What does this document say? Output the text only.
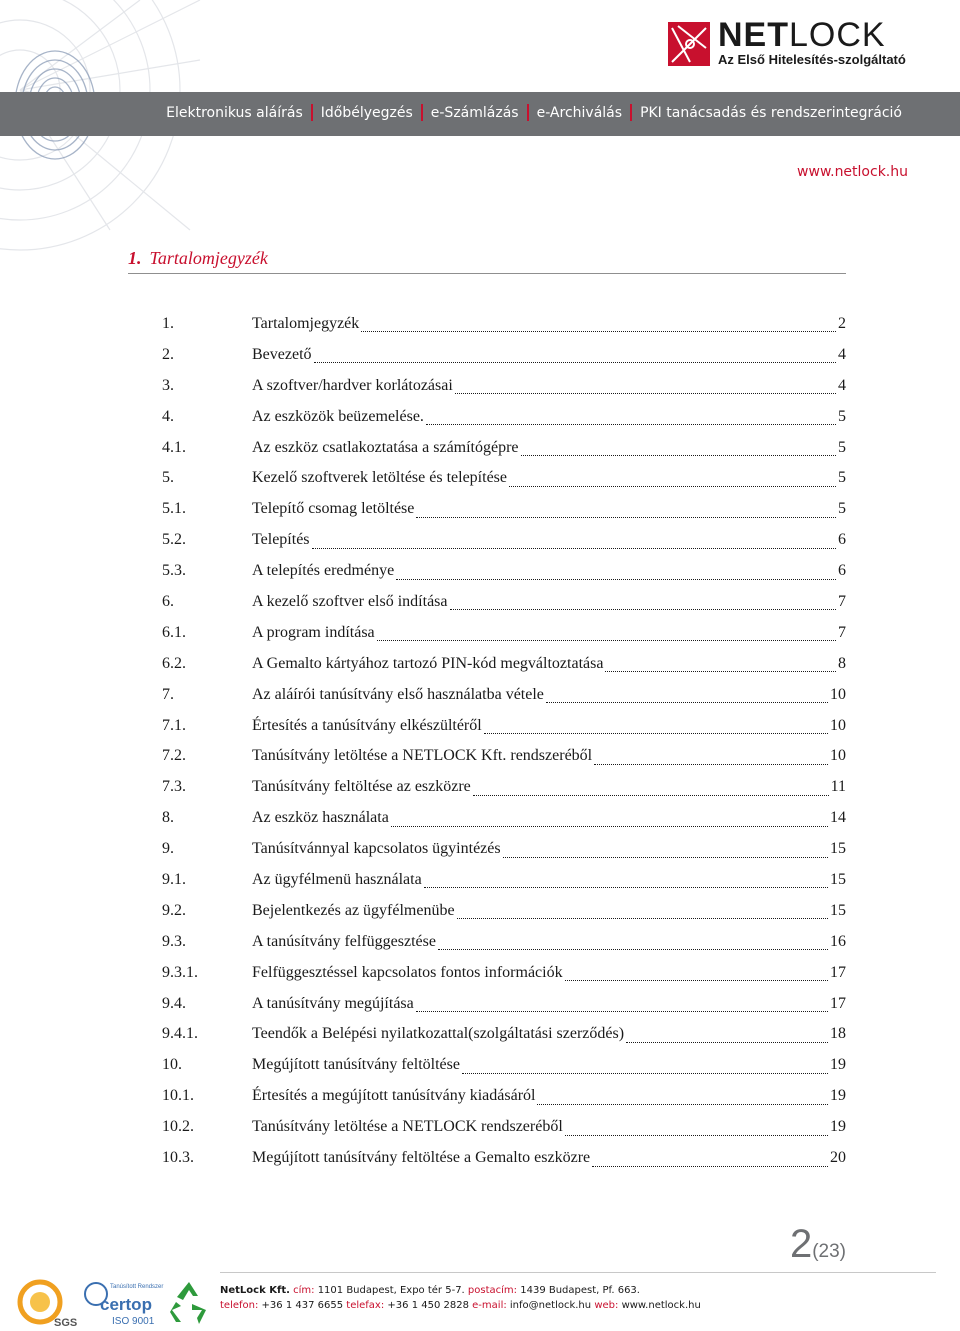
NETLOCK
Az Első Hitelesítés-szolgáltató
Elektronikus aláírás	Időbélyegzés	e-Számlázás	e-Archiválás	PKI tanácsadás és rendszerintegráció
www.netlock.hu
1. Tartalomjegyzék
1.	Tartalomjegyzék	2
2.	Bevezető	4
3.	A szoftver/hardver korlátozásai	4
4.	Az eszközök beüzemelése.	5
4.1.	Az eszköz csatlakoztatása a számítógépre	5
5.	Kezelő szoftverek letöltése és telepítése	5
5.1.	Telepítő csomag letöltése	5
5.2.	Telepítés	6
5.3.	A telepítés eredménye	6
6.	A kezelő szoftver első indítása	7
6.1.	A program indítása	7
6.2.	A Gemalto kártyához tartozó PIN-kód megváltoztatása	8
7.	Az aláírói tanúsítvány első használatba vétele	10
7.1.	Értesítés a tanúsítvány elkészültéről	10
7.2.	Tanúsítvány letöltése a NETLOCK Kft. rendszeréből	10
7.3.	Tanúsítvány feltöltése az eszközre	11
8.	Az eszköz használata	14
9.	Tanúsítvánnyal kapcsolatos ügyintézés	15
9.1.	Az ügyfélmenü használata	15
9.2.	Bejelentkezés az ügyfélmenübe	15
9.3.	A tanúsítvány felfüggesztése	16
9.3.1.	Felfüggesztéssel kapcsolatos fontos információk	17
9.4.	A tanúsítvány megújítása	17
9.4.1.	Teendők a Belépési nyilatkozattal(szolgáltatási szerződés)	18
10.	Megújított tanúsítvány feltöltése	19
10.1.	Értesítés a megújított tanúsítvány kiadásáról	19
10.2.	Tanúsítvány letöltése a NETLOCK rendszeréből	19
10.3.	Megújított tanúsítvány feltöltése a Gemalto eszközre	20
2(23)
SGS
Tanúsított Rendszer
certop
ISO 9001
NetLock Kft. cím: 1101 Budapest, Expo tér 5-7. postacím: 1439 Budapest, Pf. 663.
telefon: +36 1 437 6655 telefax: +36 1 450 2828 e-mail: info@netlock.hu web: www.netlock.hu
